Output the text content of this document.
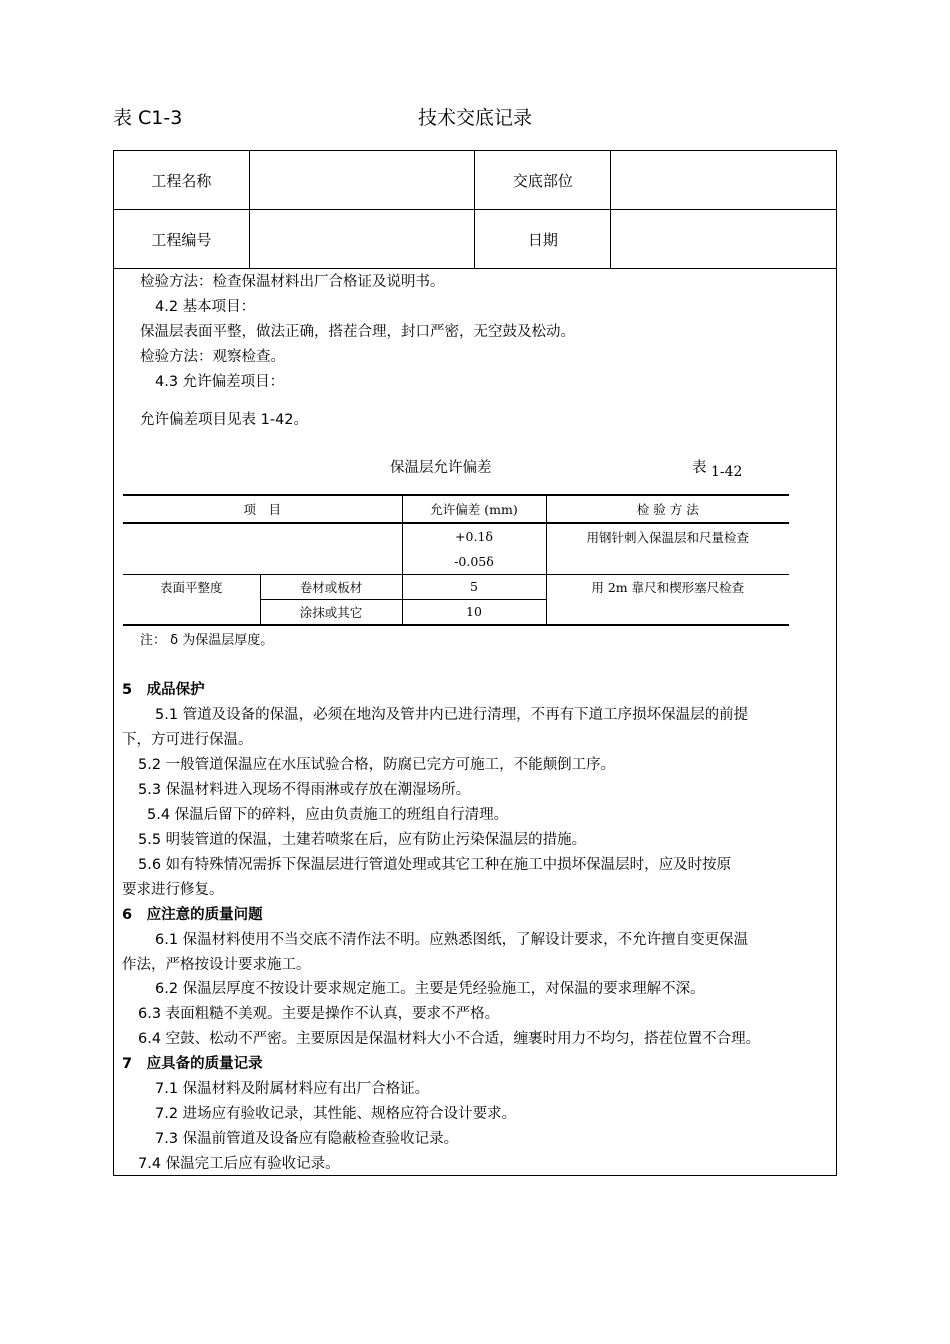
表 C1-3	技术交底记录
工程名称		交底部位	
工程编号		日期	
检验方法：检查保温材料出厂合格证及说明书。
4.2 基本项目：
保温层表面平整，做法正确，搭茬合理，封口严密，无空鼓及松动。
检验方法：观察检查。
4.3 允许偏差项目：
允许偏差项目见表 1-42。
保温层允许偏差	表 1-42
项　目		允许偏差 (mm)	检 验 方 法
		+0.1δ	用钢针刺入保温层和尺量检查
		-0.05δ	
表面平整度	卷材或板材	5	用 2m 靠尺和楔形塞尺检查
	涂抹或其它	10	
注： δ 为保温层厚度。
5　成品保护
5.1 管道及设备的保温，必须在地沟及管井内已进行清理，不再有下道工序损坏保温层的前提
下，方可进行保温。
5.2 一般管道保温应在水压试验合格，防腐已完方可施工，不能颠倒工序。
5.3 保温材料进入现场不得雨淋或存放在潮湿场所。
5.4 保温后留下的碎料，应由负责施工的班组自行清理。
5.5 明装管道的保温，土建若喷浆在后，应有防止污染保温层的措施。
5.6 如有特殊情况需拆下保温层进行管道处理或其它工种在施工中损坏保温层时，应及时按原
要求进行修复。
6　应注意的质量问题
6.1 保温材料使用不当交底不清作法不明。应熟悉图纸，了解设计要求，不允许擅自变更保温
作法，严格按设计要求施工。
6.2 保温层厚度不按设计要求规定施工。主要是凭经验施工，对保温的要求理解不深。
6.3 表面粗糙不美观。主要是操作不认真，要求不严格。
6.4 空鼓、松动不严密。主要原因是保温材料大小不合适，缠裹时用力不均匀，搭茬位置不合理。
7　应具备的质量记录
7.1 保温材料及附属材料应有出厂合格证。
7.2 进场应有验收记录，其性能、规格应符合设计要求。
7.3 保温前管道及设备应有隐蔽检查验收记录。
7.4 保温完工后应有验收记录。
